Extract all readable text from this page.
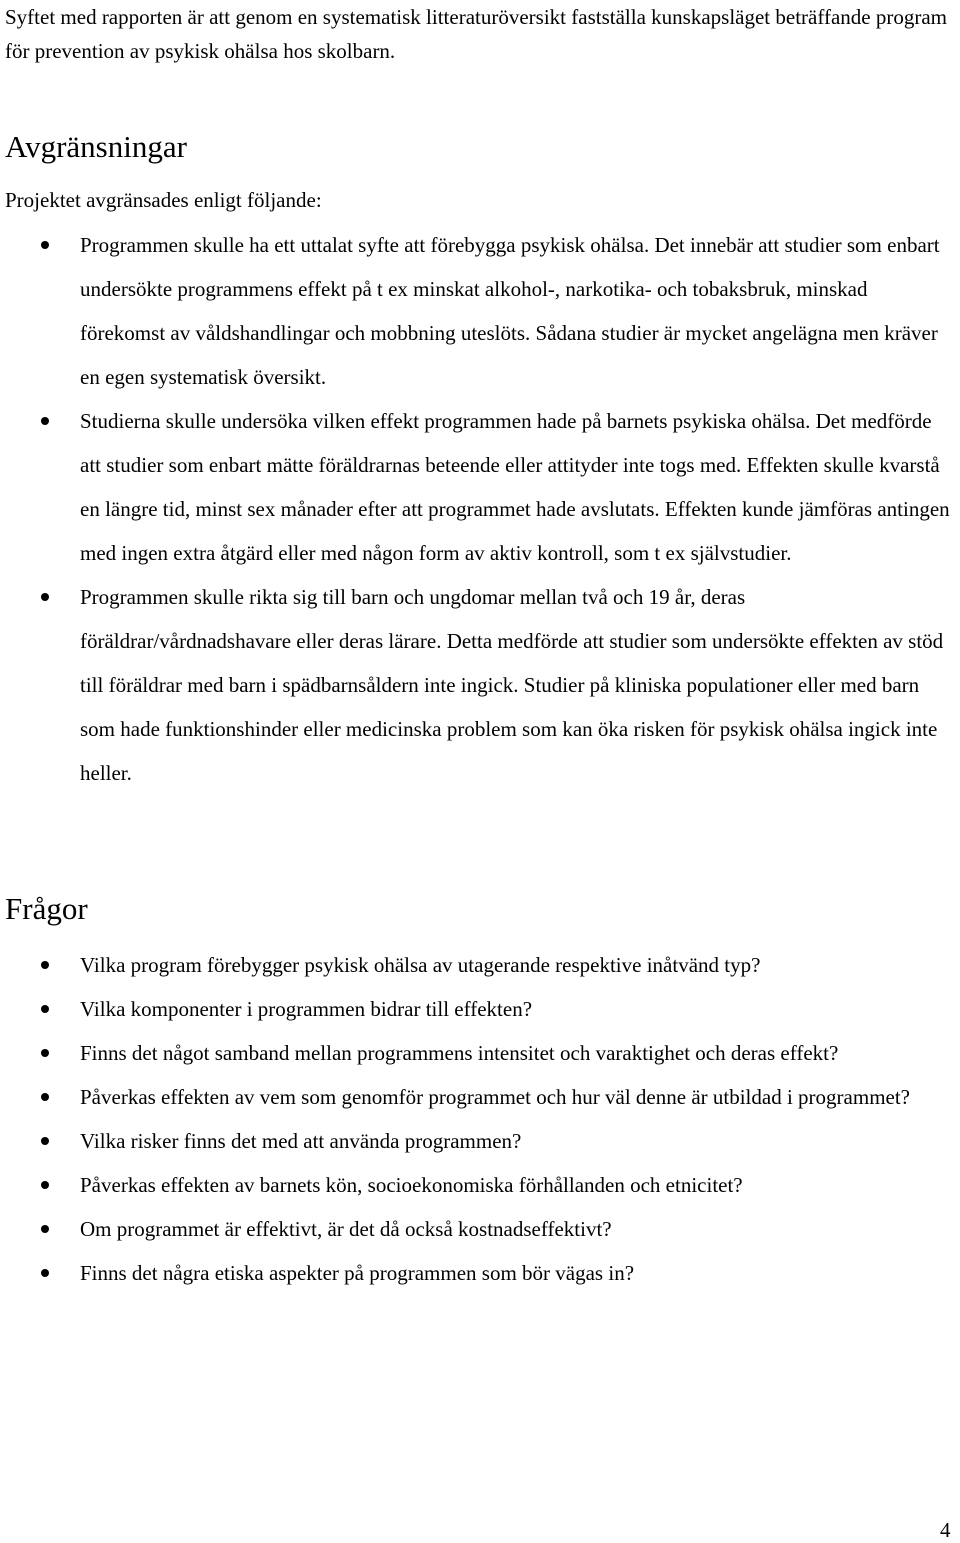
Syftet med rapporten är att genom en systematisk litteraturöversikt fastställa kunskapsläget beträffande program för prevention av psykisk ohälsa hos skolbarn.

Avgränsningar

Projektet avgränsades enligt följande:

Programmen skulle ha ett uttalat syfte att förebygga psykisk ohälsa. Det innebär att studier som enbart undersökte programmens effekt på t ex minskat alkohol-, narkotika- och tobaksbruk, minskad förekomst av våldshandlingar och mobbning uteslöts. Sådana studier är mycket angelägna men kräver en egen systematisk översikt.
Studierna skulle undersöka vilken effekt programmen hade på barnets psykiska ohälsa. Det medförde att studier som enbart mätte föräldrarnas beteende eller attityder inte togs med. Effekten skulle kvarstå en längre tid, minst sex månader efter att programmet hade avslutats. Effekten kunde jämföras antingen med ingen extra åtgärd eller med någon form av aktiv kontroll, som t ex självstudier.
Programmen skulle rikta sig till barn och ungdomar mellan två och 19 år, deras föräldrar/vårdnadshavare eller deras lärare. Detta medförde att studier som undersökte effekten av stöd till föräldrar med barn i spädbarnsåldern inte ingick. Studier på kliniska populationer eller med barn som hade funktionshinder eller medicinska problem som kan öka risken för psykisk ohälsa ingick inte heller.
Frågor
Vilka program förebygger psykisk ohälsa av utagerande respektive inåtvänd typ?
Vilka komponenter i programmen bidrar till effekten?
Finns det något samband mellan programmens intensitet och varaktighet och deras effekt?
Påverkas effekten av vem som genomför programmet och hur väl denne är utbildad i programmet?
Vilka risker finns det med att använda programmen?
Påverkas effekten av barnets kön, socioekonomiska förhållanden och etnicitet?
Om programmet är effektivt, är det då också kostnadseffektivt?
Finns det några etiska aspekter på programmen som bör vägas in?

4
